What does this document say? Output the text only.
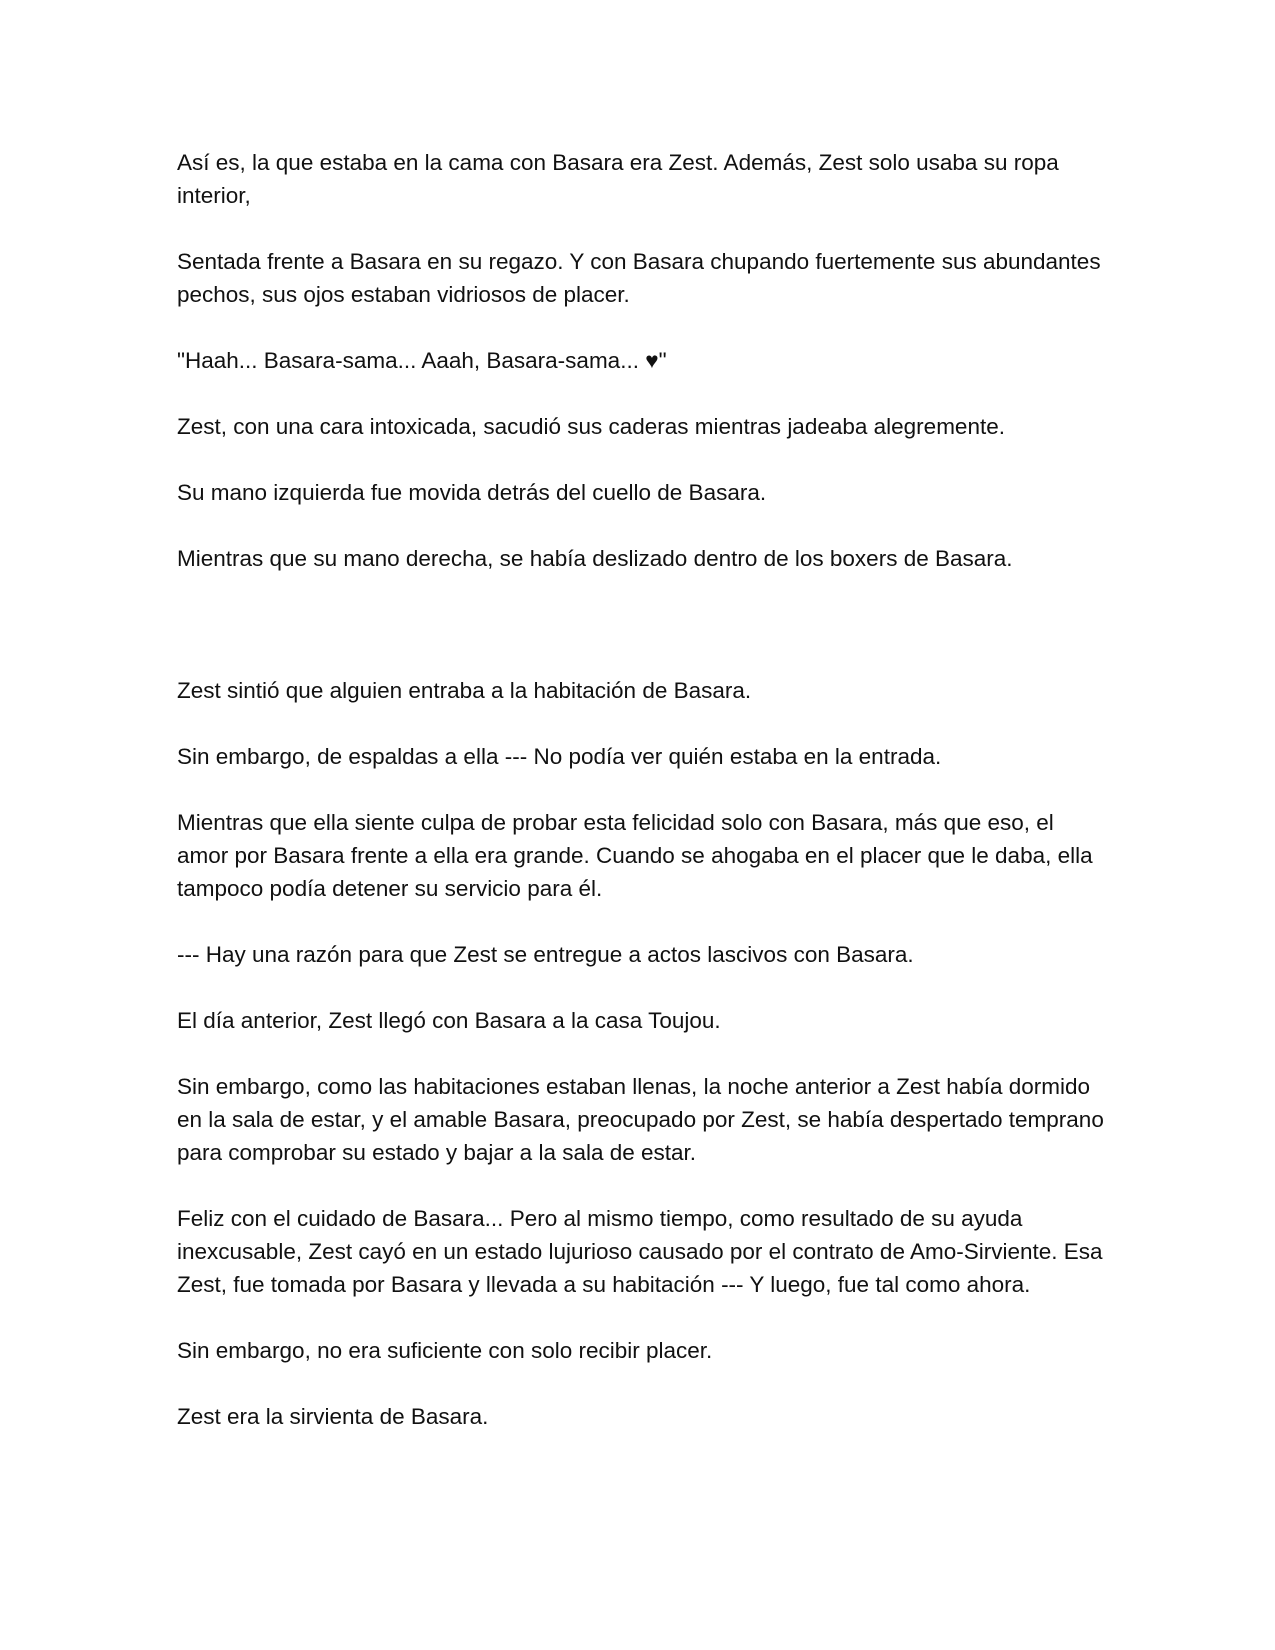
Así es, la que estaba en la cama con Basara era Zest. Además, Zest solo usaba su ropa interior,

Sentada frente a Basara en su regazo. Y con Basara chupando fuertemente sus abundantes pechos, sus ojos estaban vidriosos de placer.

"Haah... Basara-sama... Aaah, Basara-sama... ♥"

Zest, con una cara intoxicada, sacudió sus caderas mientras jadeaba alegremente.

Su mano izquierda fue movida detrás del cuello de Basara.

Mientras que su mano derecha, se había deslizado dentro de los boxers de Basara.

Zest sintió que alguien entraba a la habitación de Basara.

Sin embargo, de espaldas a ella --- No podía ver quién estaba en la entrada.

Mientras que ella siente culpa de probar esta felicidad solo con Basara, más que eso, el amor por Basara frente a ella era grande. Cuando se ahogaba en el placer que le daba, ella tampoco podía detener su servicio para él.

--- Hay una razón para que Zest se entregue a actos lascivos con Basara.

El día anterior, Zest llegó con Basara a la casa Toujou.

Sin embargo, como las habitaciones estaban llenas, la noche anterior a Zest había dormido en la sala de estar, y el amable Basara, preocupado por Zest, se había despertado temprano para comprobar su estado y bajar a la sala de estar.

Feliz con el cuidado de Basara... Pero al mismo tiempo, como resultado de su ayuda inexcusable, Zest cayó en un estado lujurioso causado por el contrato de Amo-Sirviente. Esa Zest, fue tomada por Basara y llevada a su habitación --- Y luego, fue tal como ahora.

Sin embargo, no era suficiente con solo recibir placer.

Zest era la sirvienta de Basara.
